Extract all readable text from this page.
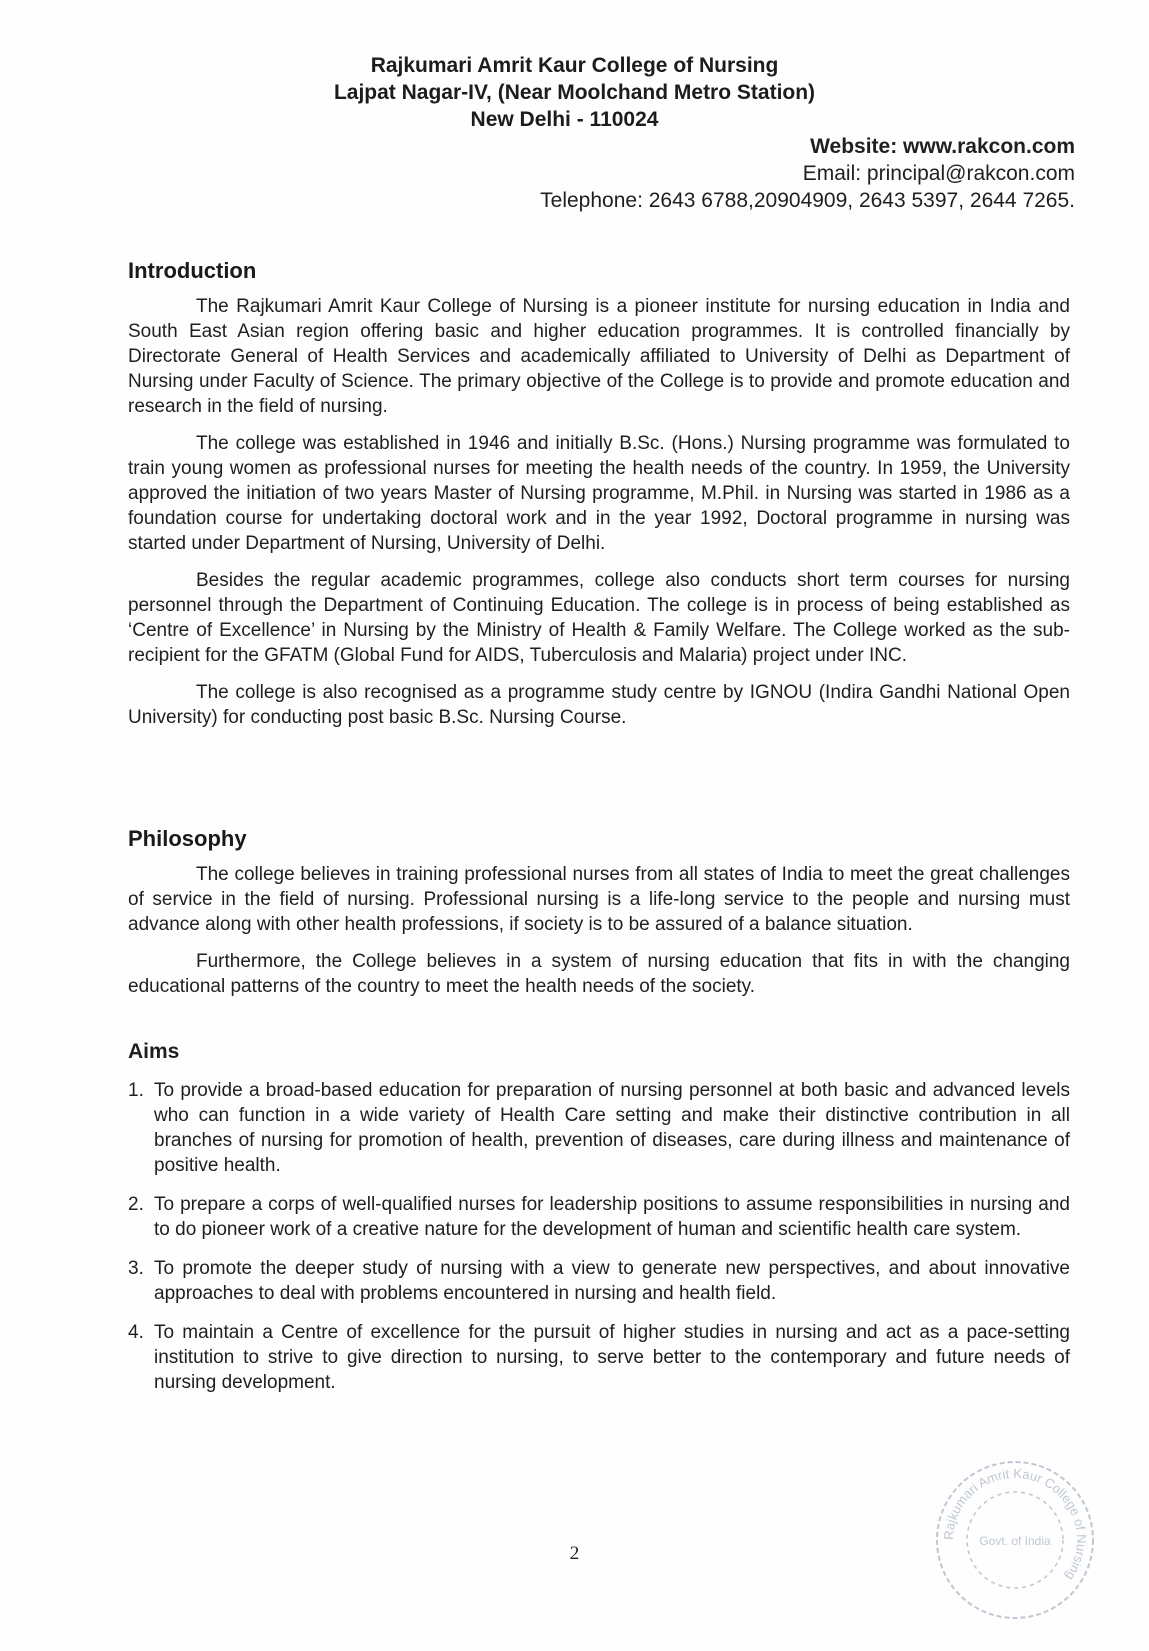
Rajkumari Amrit Kaur College of Nursing
Lajpat Nagar-IV, (Near Moolchand Metro Station)
New Delhi - 110024
Website: www.rakcon.com
Email: principal@rakcon.com
Telephone: 2643 6788,20904909, 2643 5397, 2644 7265.
Introduction

The Rajkumari Amrit Kaur College of Nursing is a pioneer institute for nursing education in India and South East Asian region offering basic and higher education programmes. It is controlled financially by Directorate General of Health Services and academically affiliated to University of Delhi as Department of Nursing under Faculty of Science. The primary objective of the College is to provide and promote education and research in the field of nursing.

The college was established in 1946 and initially B.Sc. (Hons.) Nursing programme was formulated to train young women as professional nurses for meeting the health needs of the country. In 1959, the University approved the initiation of two years Master of Nursing programme, M.Phil. in Nursing was started in 1986 as a foundation course for undertaking doctoral work and in the year 1992, Doctoral programme in nursing was started under Department of Nursing, University of Delhi.

Besides the regular academic programmes, college also conducts short term courses for nursing personnel through the Department of Continuing Education. The college is in process of being established as ‘Centre of Excellence’ in Nursing by the Ministry of Health & Family Welfare. The College worked as the sub-recipient for the GFATM (Global Fund for AIDS, Tuberculosis and Malaria) project under INC.

The college is also recognised as a programme study centre by IGNOU (Indira Gandhi National Open University) for conducting post basic B.Sc. Nursing Course.

Philosophy

The college believes in training professional nurses from all states of India to meet the great challenges of service in the field of nursing. Professional nursing is a life-long service to the people and nursing must advance along with other health professions, if society is to be assured of a balance situation.

Furthermore, the College believes in a system of nursing education that fits in with the changing educational patterns of the country to meet the health needs of the society.

Aims
1. To provide a broad-based education for preparation of nursing personnel at both basic and advanced levels who can function in a wide variety of Health Care setting and make their distinctive contribution in all branches of nursing for promotion of health, prevention of diseases, care during illness and maintenance of positive health.
2. To prepare a corps of well-qualified nurses for leadership positions to assume responsibilities in nursing and to do pioneer work of a creative nature for the development of human and scientific health care system.
3. To promote the deeper study of nursing with a view to generate new perspectives, and about innovative approaches to deal with problems encountered in nursing and health field.
4. To maintain a Centre of excellence for the pursuit of higher studies in nursing and act as a pace-setting institution to strive to give direction to nursing, to serve better to the contemporary and future needs of nursing development.
2
Rajkumari Amrit Kaur College of Nursing
Govt. of India
